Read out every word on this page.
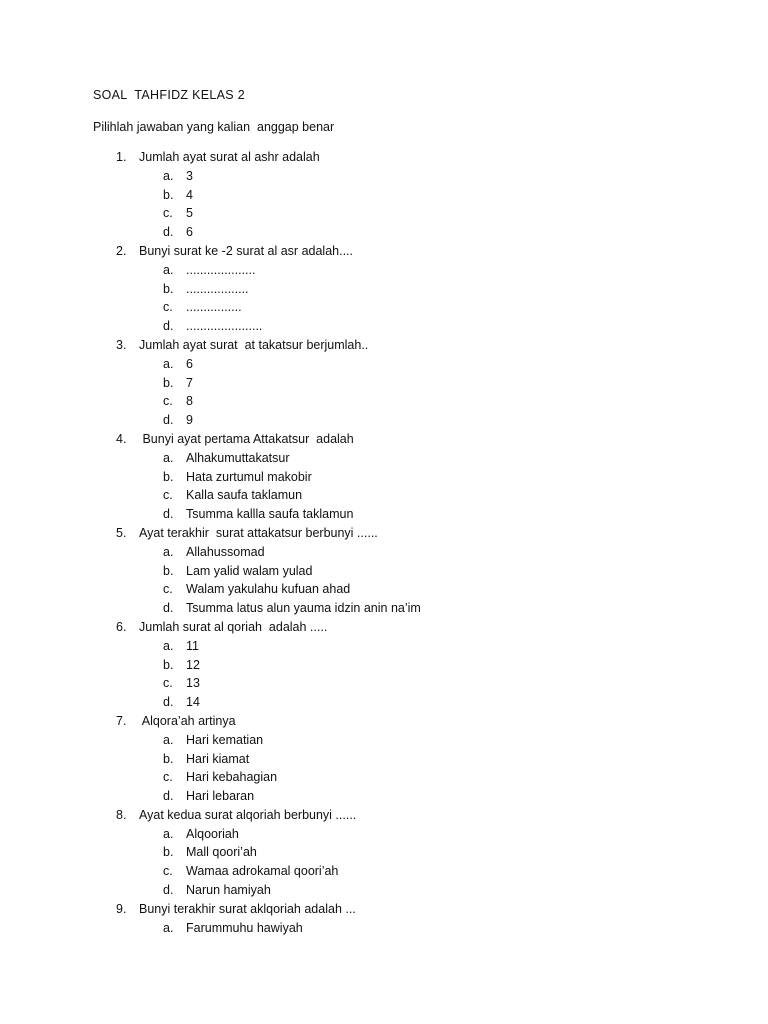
SOAL  TAHFIDZ KELAS 2
Pilihlah jawaban yang kalian  anggap benar
1. Jumlah ayat surat al ashr adalah
a. 3
b. 4
c. 5
d. 6
2. Bunyi surat ke -2 surat al asr adalah....
a. ....................
b. ..................
c. ................
d. ......................
3. Jumlah ayat surat  at takatsur berjumlah..
a. 6
b. 7
c. 8
d. 9
4. Bunyi ayat pertama Attakatsur  adalah
a. Alhakumuttakatsur
b. Hata zurtumul makobir
c. Kalla saufa taklamun
d. Tsumma kallla saufa taklamun
5. Ayat terakhir  surat attakatsur berbunyi ......
a. Allahussomad
b. Lam yalid walam yulad
c. Walam yakulahu kufuan ahad
d. Tsumma latus alun yauma idzin anin na’im
6. Jumlah surat al qoriah  adalah .....
a. 11
b. 12
c. 13
d. 14
7. Alqora’ah artinya
a. Hari kematian
b. Hari kiamat
c. Hari kebahagian
d. Hari lebaran
8. Ayat kedua surat alqoriah berbunyi ......
a. Alqooriah
b. Mall qoori’ah
c. Wamaa adrokamal qoori’ah
d. Narun hamiyah
9. Bunyi terakhir surat aklqoriah adalah ...
a. Farummuhu hawiyah
